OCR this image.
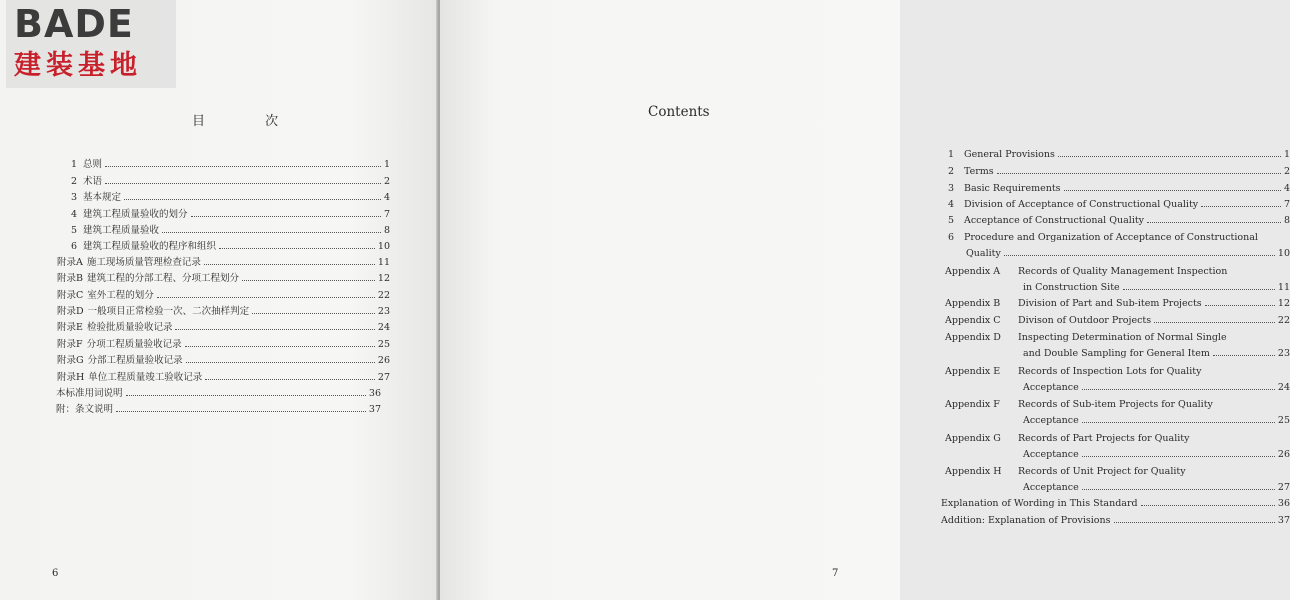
目 次
1 总则	1
2 术语	2
3 基本规定	4
4 建筑工程质量验收的划分	7
5 建筑工程质量验收	8
6 建筑工程质量验收的程序和组织	10
附录A 施工现场质量管理检查记录	11
附录B 建筑工程的分部工程、分项工程划分	12
附录C 室外工程的划分	22
附录D 一般项目正常检验一次、二次抽样判定	23
附录E 检验批质量验收记录	24
附录F 分项工程质量验收记录	25
附录G 分部工程质量验收记录	26
附录H 单位工程质量竣工验收记录	27
本标准用词说明	36
附：条文说明	37
6
1	General Provisions	1
2	Terms	2
3	Basic Requirements	4
4	Division of Acceptance of Constructional Quality	7
5	Acceptance of Constructional Quality	8
6	Procedure and Organization of Acceptance of Constructional
Quality	10
Appendix A	Records of Quality Management Inspection
in Construction Site	11
Appendix B	Division of Part and Sub-item Projects	12
Appendix C	Divison of Outdoor Projects	22
Appendix D	Inspecting Determination of Normal Single
and Double Sampling for General Item	23
Appendix E	Records of Inspection Lots for Quality
Acceptance	24
Appendix F	Records of Sub-item Projects for Quality
Acceptance	25
Appendix G	Records of Part Projects for Quality
Acceptance	26
Appendix H	Records of Unit Project for Quality
Acceptance	27
Explanation of Wording in This Standard	36
Addition: Explanation of Provisions	37
7
Contents
BADE
建装基地
